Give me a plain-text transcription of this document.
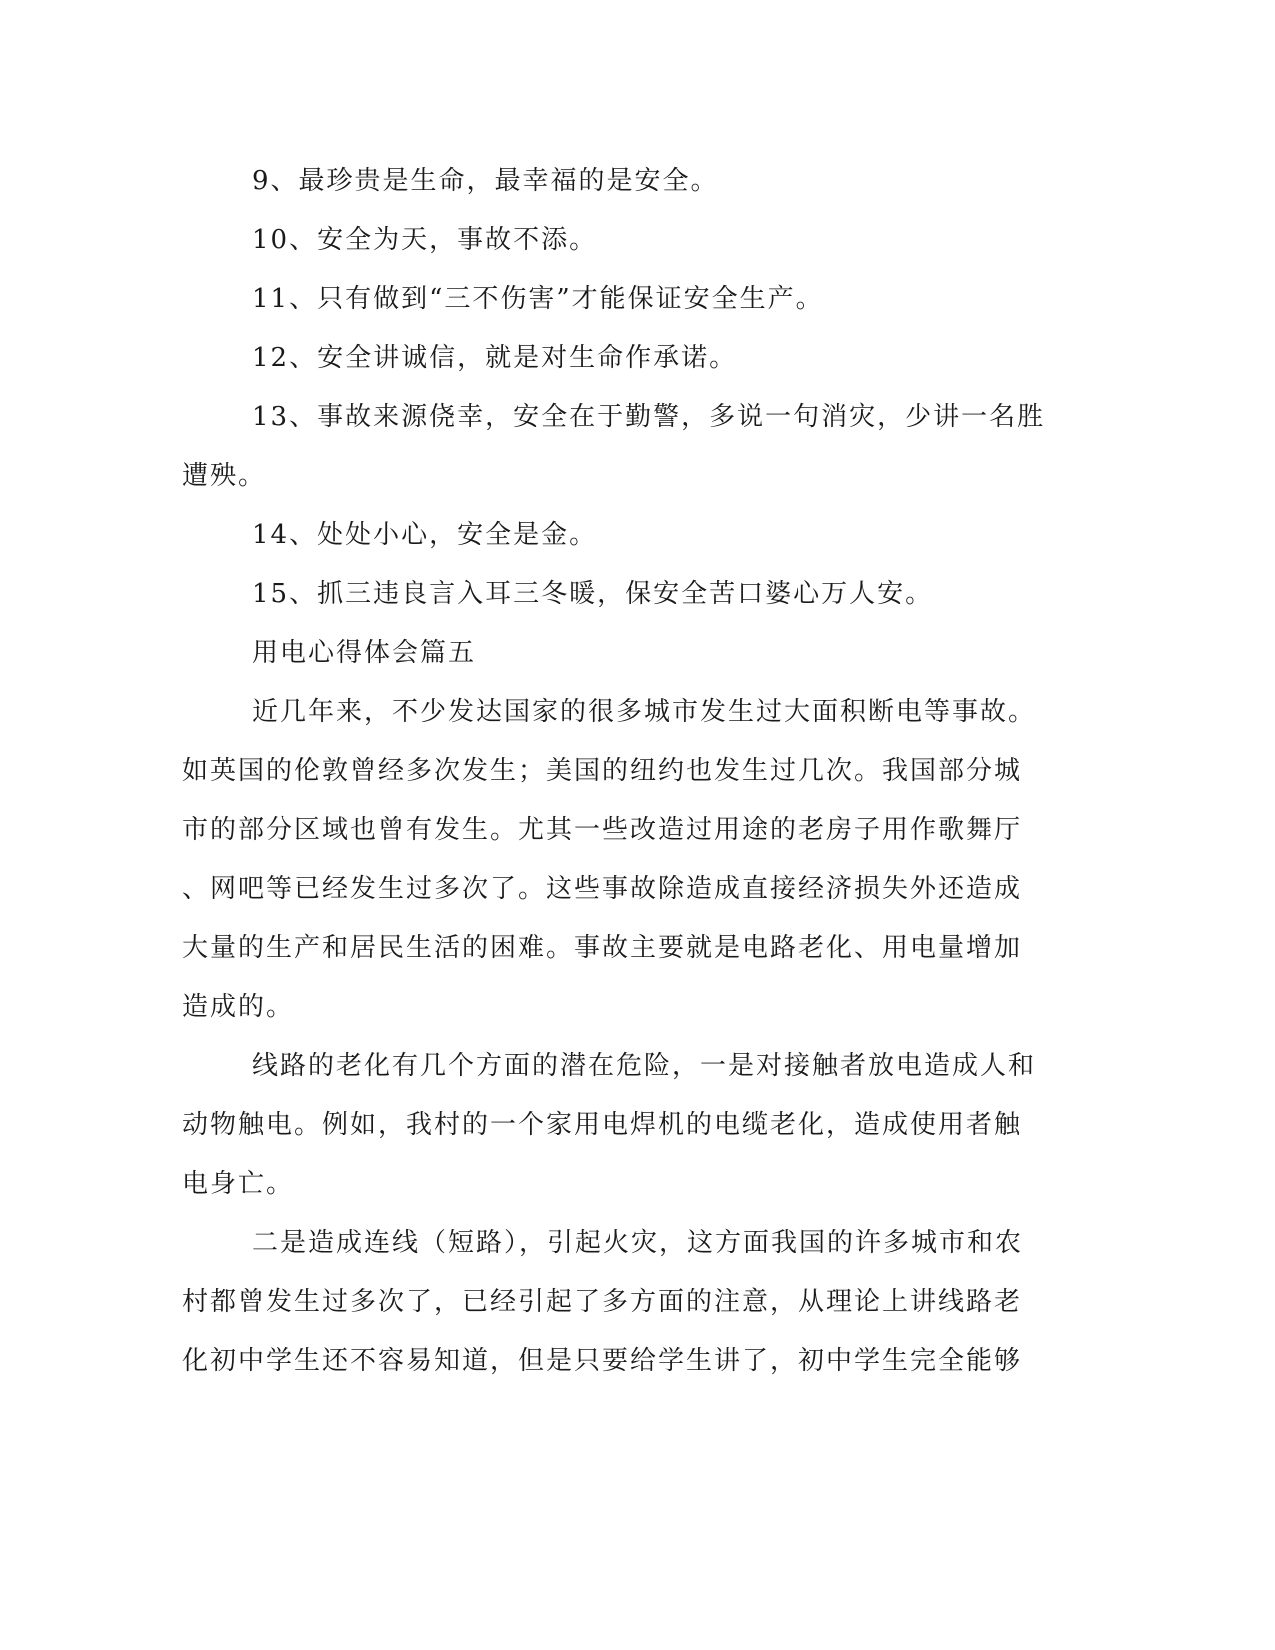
9、最珍贵是生命，最幸福的是安全。
10、安全为天，事故不添。
11、只有做到“三不伤害”才能保证安全生产。
12、安全讲诚信，就是对生命作承诺。
13、事故来源侥幸，安全在于勤警，多说一句消灾，少讲一名胜
遭殃。
14、处处小心，安全是金。
15、抓三违良言入耳三冬暖，保安全苦口婆心万人安。
用电心得体会篇五
近几年来，不少发达国家的很多城市发生过大面积断电等事故。
如英国的伦敦曾经多次发生；美国的纽约也发生过几次。我国部分城
市的部分区域也曾有发生。尤其一些改造过用途的老房子用作歌舞厅
、网吧等已经发生过多次了。这些事故除造成直接经济损失外还造成
大量的生产和居民生活的困难。事故主要就是电路老化、用电量增加
造成的。
线路的老化有几个方面的潜在危险，一是对接触者放电造成人和
动物触电。例如，我村的一个家用电焊机的电缆老化，造成使用者触
电身亡。
二是造成连线（短路），引起火灾，这方面我国的许多城市和农
村都曾发生过多次了，已经引起了多方面的注意，从理论上讲线路老
化初中学生还不容易知道，但是只要给学生讲了，初中学生完全能够
